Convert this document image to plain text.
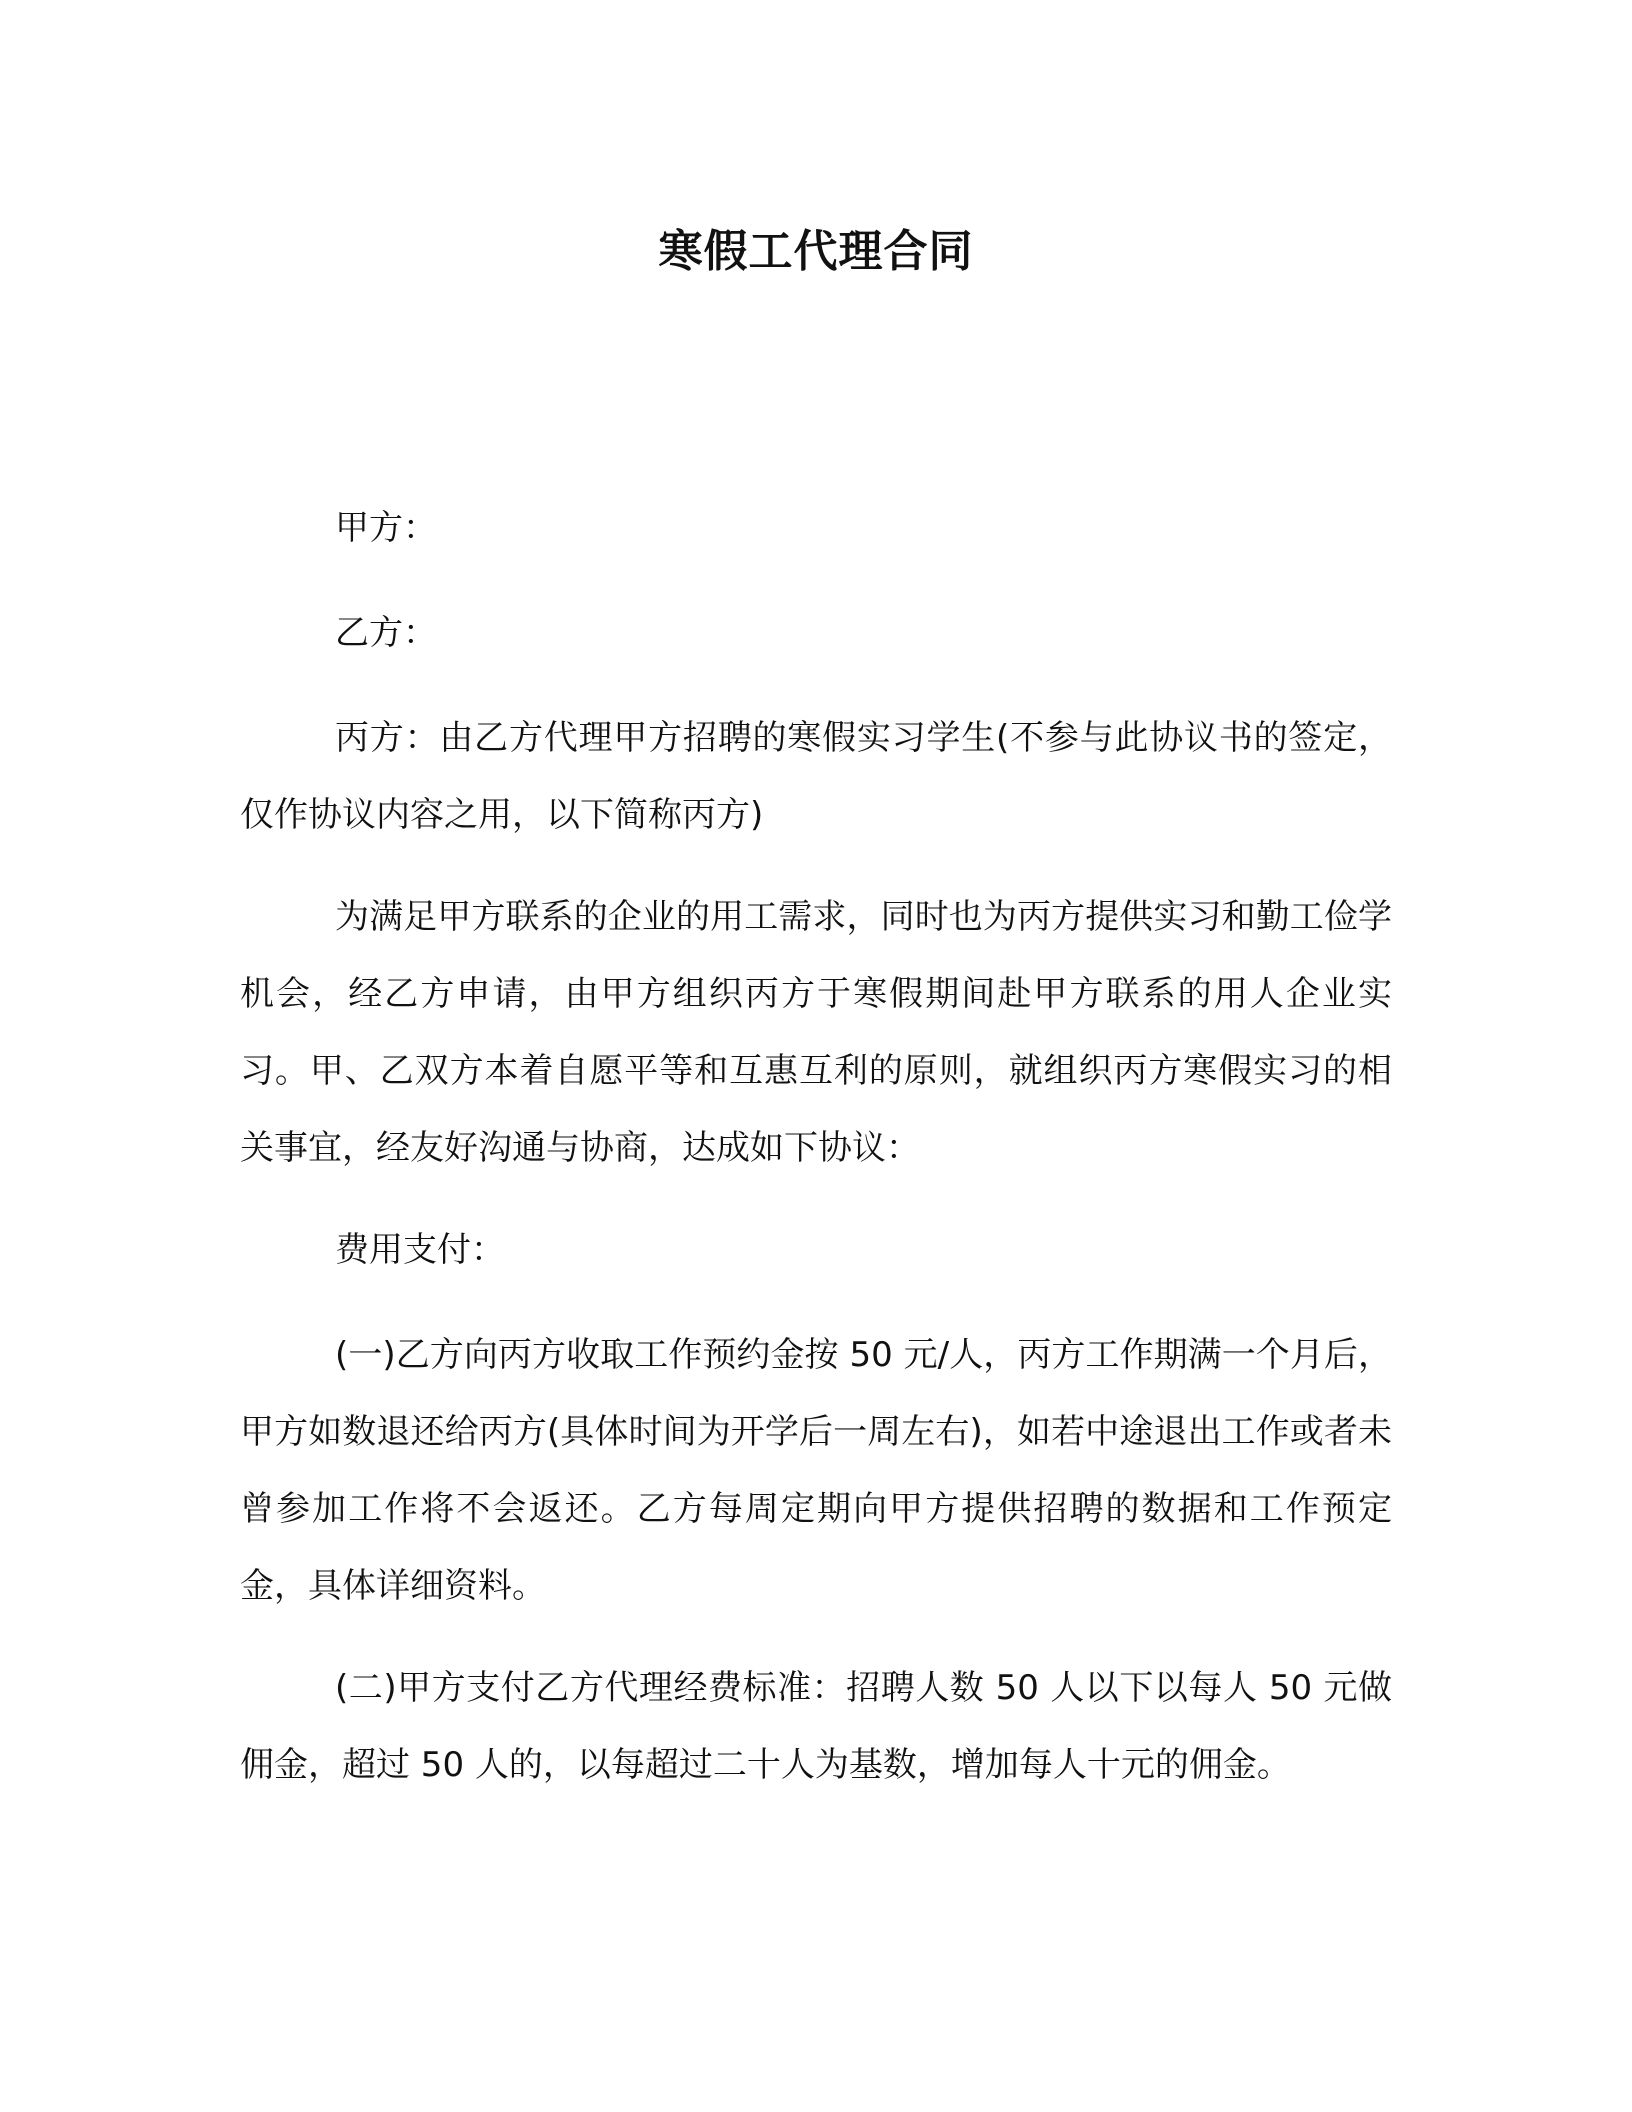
寒假工代理合同

甲方：

乙方：

丙方：由乙方代理甲方招聘的寒假实习学生(不参与此协议书的签定，仅作协议内容之用，以下简称丙方)

为满足甲方联系的企业的用工需求，同时也为丙方提供实习和勤工俭学机会，经乙方申请，由甲方组织丙方于寒假期间赴甲方联系的用人企业实习。甲、乙双方本着自愿平等和互惠互利的原则，就组织丙方寒假实习的相关事宜，经友好沟通与协商，达成如下协议：

费用支付：

(一)乙方向丙方收取工作预约金按 50 元/人，丙方工作期满一个月后，甲方如数退还给丙方(具体时间为开学后一周左右)，如若中途退出工作或者未曾参加工作将不会返还。乙方每周定期向甲方提供招聘的数据和工作预定金，具体详细资料。

(二)甲方支付乙方代理经费标准：招聘人数 50 人以下以每人 50 元做佣金，超过 50 人的，以每超过二十人为基数，增加每人十元的佣金。
